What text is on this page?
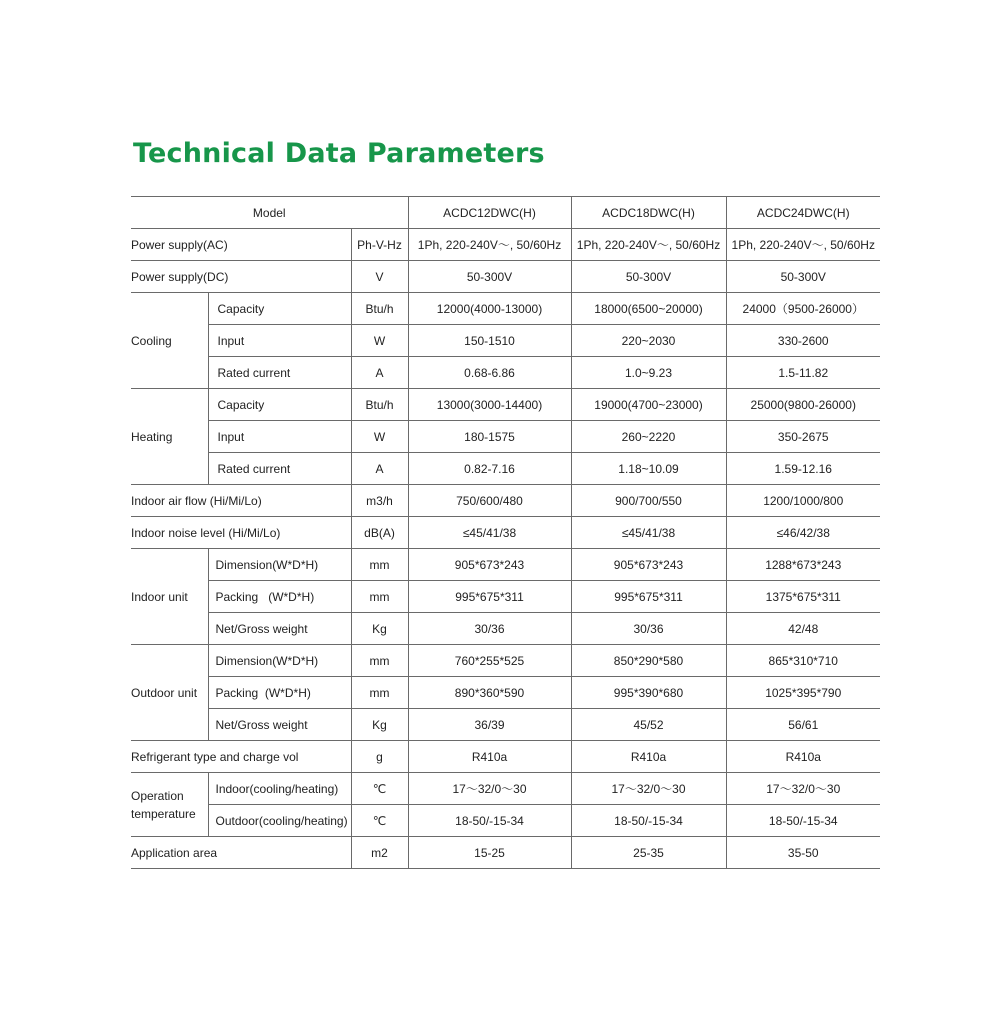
Technical Data Parameters
Model			ACDC12DWC(H)	ACDC18DWC(H)	ACDC24DWC(H)
Power supply(AC)		Ph-V-Hz	1Ph, 220-240V～, 50/60Hz	1Ph, 220-240V～, 50/60Hz	1Ph, 220-240V～, 50/60Hz
Power supply(DC)		V	50-300V	50-300V	50-300V
Cooling	Capacity	Btu/h	12000(4000-13000)	18000(6500~20000)	24000（9500-26000）
	Input	W	150-1510	220~2030	330-2600
	Rated current	A	0.68-6.86	1.0~9.23	1.5-11.82
Heating	Capacity	Btu/h	13000(3000-14400)	19000(4700~23000)	25000(9800-26000)
	Input	W	180-1575	260~2220	350-2675
	Rated current	A	0.82-7.16	1.18~10.09	1.59-12.16
Indoor air flow (Hi/Mi/Lo)		m3/h	750/600/480	900/700/550	1200/1000/800
Indoor noise level (Hi/Mi/Lo)		dB(A)	≤45/41/38	≤45/41/38	≤46/42/38
Indoor unit	Dimension(W*D*H)	mm	905*673*243	905*673*243	1288*673*243
	Packing   (W*D*H)	mm	995*675*311	995*675*311	1375*675*311
	Net/Gross weight	Kg	30/36	30/36	42/48
Outdoor unit	Dimension(W*D*H)	mm	760*255*525	850*290*580	865*310*710
	Packing  (W*D*H)	mm	890*360*590	995*390*680	1025*395*790
	Net/Gross weight	Kg	36/39	45/52	56/61
Refrigerant type and charge vol		g	R410a	R410a	R410a
Operation
temperature	Indoor(cooling/heating)	℃	17～32/0～30	17～32/0～30	17～32/0～30
	Outdoor(cooling/heating)	℃	18-50/-15-34	18-50/-15-34	18-50/-15-34
Application area		m2	15-25	25-35	35-50
